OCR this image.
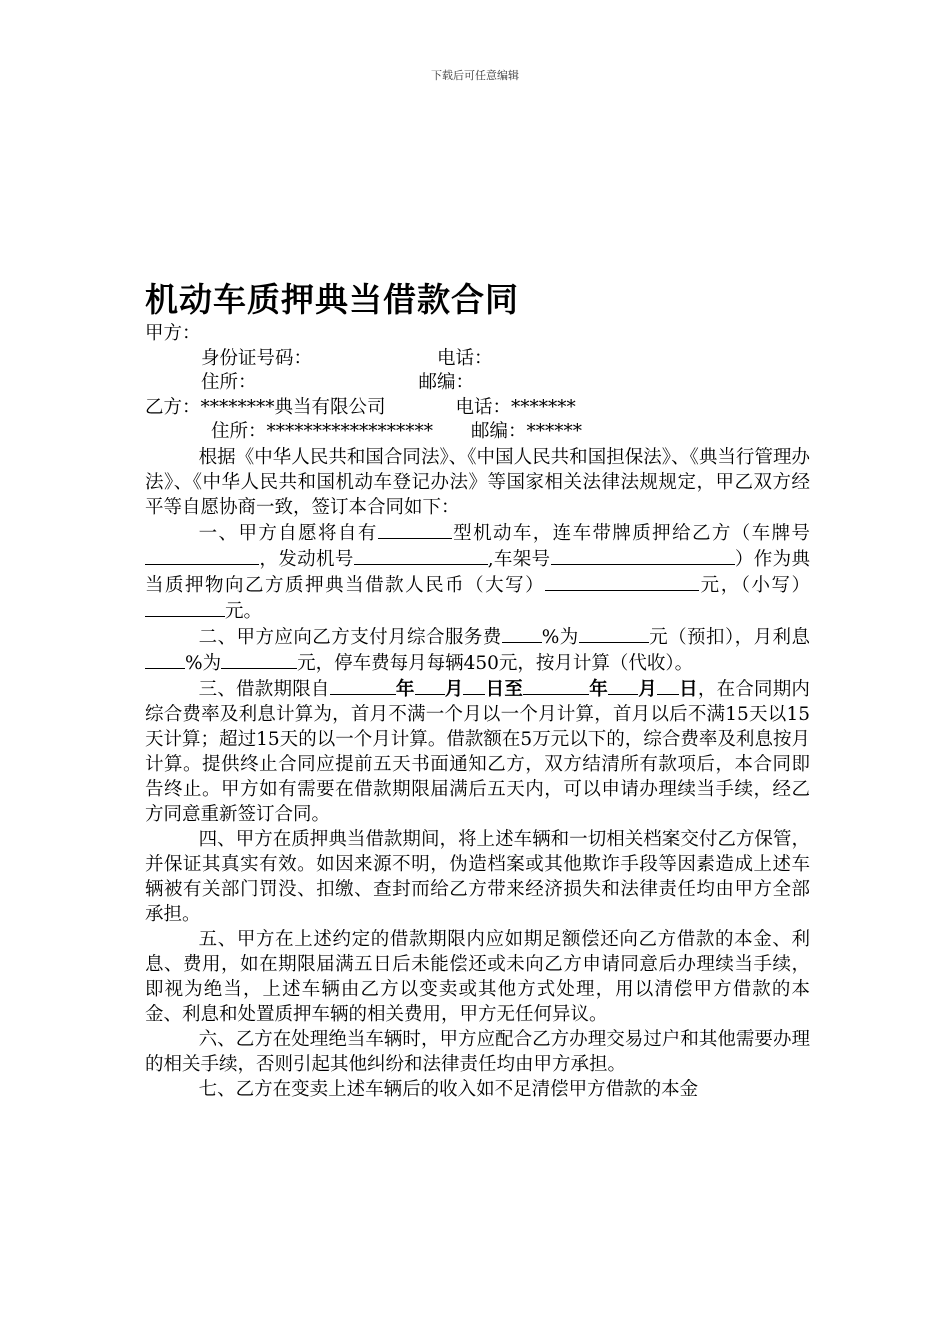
下载后可任意编辑
机动车质押典当借款合同
甲方：
身份证号码：	电话：
住所：	邮编：
乙方：********典当有限公司	电话：*******
住所：****************** 邮编：******

根据《中华人民共和国合同法》、《中国人民共和国担保法》、《典当行管理办法》、《中华人民共和国机动车登记办法》等国家相关法律法规规定，甲乙双方经平等自愿协商一致，签订本合同如下：

一、甲方自愿将自有	型机动车，连车带牌质押给乙方（车牌号，发动机号	,车架号	）作为典当质押物向乙方质押典当借款人民币（大写）	元，（小写）元。

二、甲方应向乙方支付月综合服务费 %为	元（预扣），月利息%为	元，停车费每月每辆450元，按月计算（代收）。

三、借款期限自	年 月 日至	年 月 日，在合同期内综合费率及利息计算为，首月不满一个月以一个月计算，首月以后不满15天以15天计算；超过15天的以一个月计算。借款额在5万元以下的，综合费率及利息按月计算。提供终止合同应提前五天书面通知乙方，双方结清所有款项后，本合同即告终止。甲方如有需要在借款期限届满后五天内，可以申请办理续当手续，经乙方同意重新签订合同。

四、甲方在质押典当借款期间，将上述车辆和一切相关档案交付乙方保管，并保证其真实有效。如因来源不明，伪造档案或其他欺诈手段等因素造成上述车辆被有关部门罚没、扣缴、查封而给乙方带来经济损失和法律责任均由甲方全部承担。

五、甲方在上述约定的借款期限内应如期足额偿还向乙方借款的本金、利息、费用，如在期限届满五日后未能偿还或未向乙方申请同意后办理续当手续，即视为绝当，上述车辆由乙方以变卖或其他方式处理，用以清偿甲方借款的本金、利息和处置质押车辆的相关费用，甲方无任何异议。

六、乙方在处理绝当车辆时，甲方应配合乙方办理交易过户和其他需要办理的相关手续，否则引起其他纠纷和法律责任均由甲方承担。

七、乙方在变卖上述车辆后的收入如不足清偿甲方借款的本金
